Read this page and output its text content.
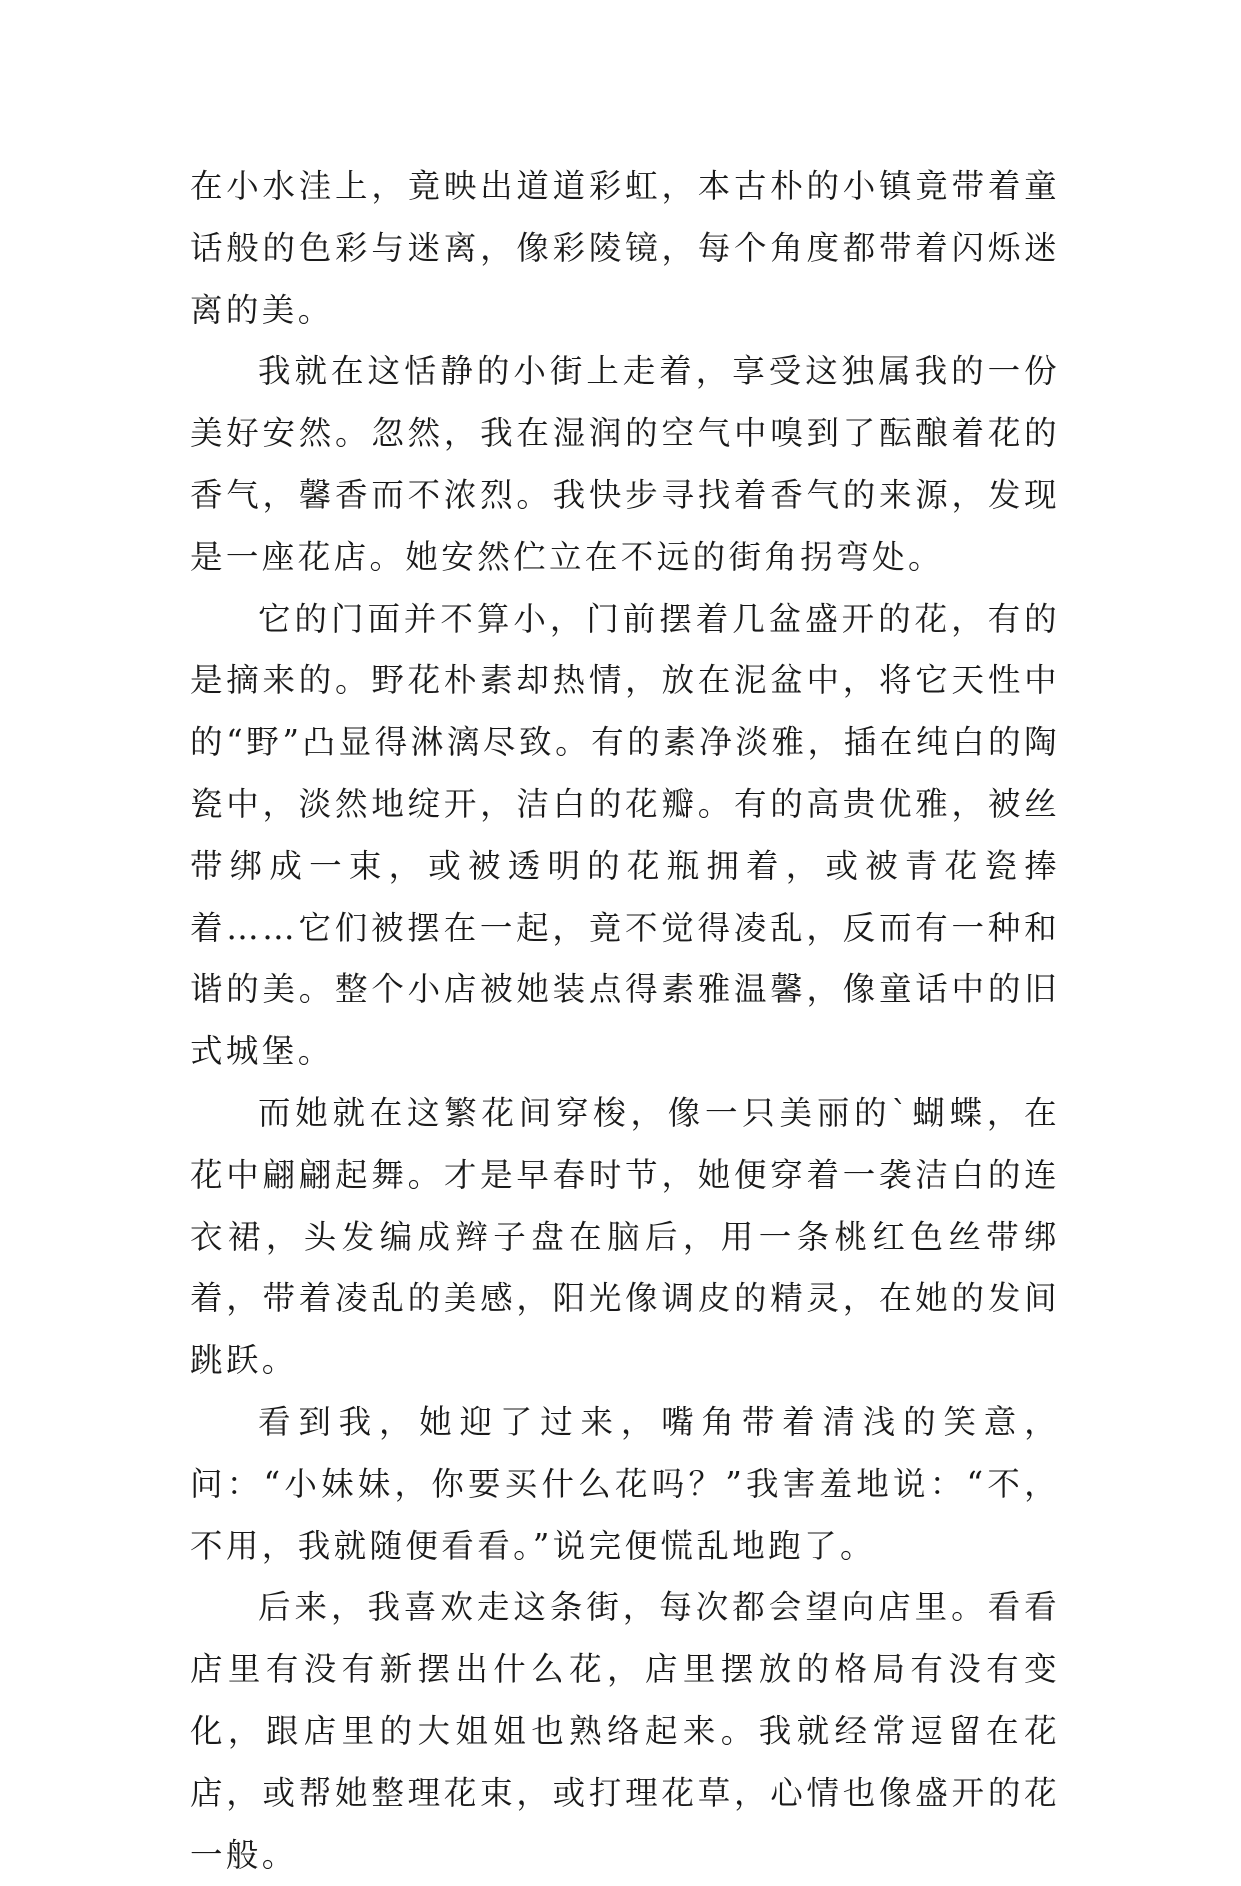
在小水洼上，竟映出道道彩虹，本古朴的小镇竟带着童话般的色彩与迷离，像彩陵镜，每个角度都带着闪烁迷离的美。

我就在这恬静的小街上走着，享受这独属我的一份美好安然。忽然，我在湿润的空气中嗅到了酝酿着花的香气，馨香而不浓烈。我快步寻找着香气的来源，发现是一座花店。她安然伫立在不远的街角拐弯处。

它的门面并不算小，门前摆着几盆盛开的花，有的是摘来的。野花朴素却热情，放在泥盆中，将它天性中的“野”凸显得淋漓尽致。有的素净淡雅，插在纯白的陶瓷中，淡然地绽开，洁白的花瓣。有的高贵优雅，被丝带绑成一束，或被透明的花瓶拥着，或被青花瓷捧着……它们被摆在一起，竟不觉得凌乱，反而有一种和谐的美。整个小店被她装点得素雅温馨，像童话中的旧式城堡。

而她就在这繁花间穿梭，像一只美丽的`蝴蝶，在花中翩翩起舞。才是早春时节，她便穿着一袭洁白的连衣裙，头发编成辫子盘在脑后，用一条桃红色丝带绑着，带着凌乱的美感，阳光像调皮的精灵，在她的发间跳跃。

看到我，她迎了过来，嘴角带着清浅的笑意，问：“小妹妹，你要买什么花吗？”我害羞地说：“不，不用，我就随便看看。”说完便慌乱地跑了。

后来，我喜欢走这条街，每次都会望向店里。看看店里有没有新摆出什么花，店里摆放的格局有没有变化，跟店里的大姐姐也熟络起来。我就经常逗留在花店，或帮她整理花束，或打理花草，心情也像盛开的花一般。
